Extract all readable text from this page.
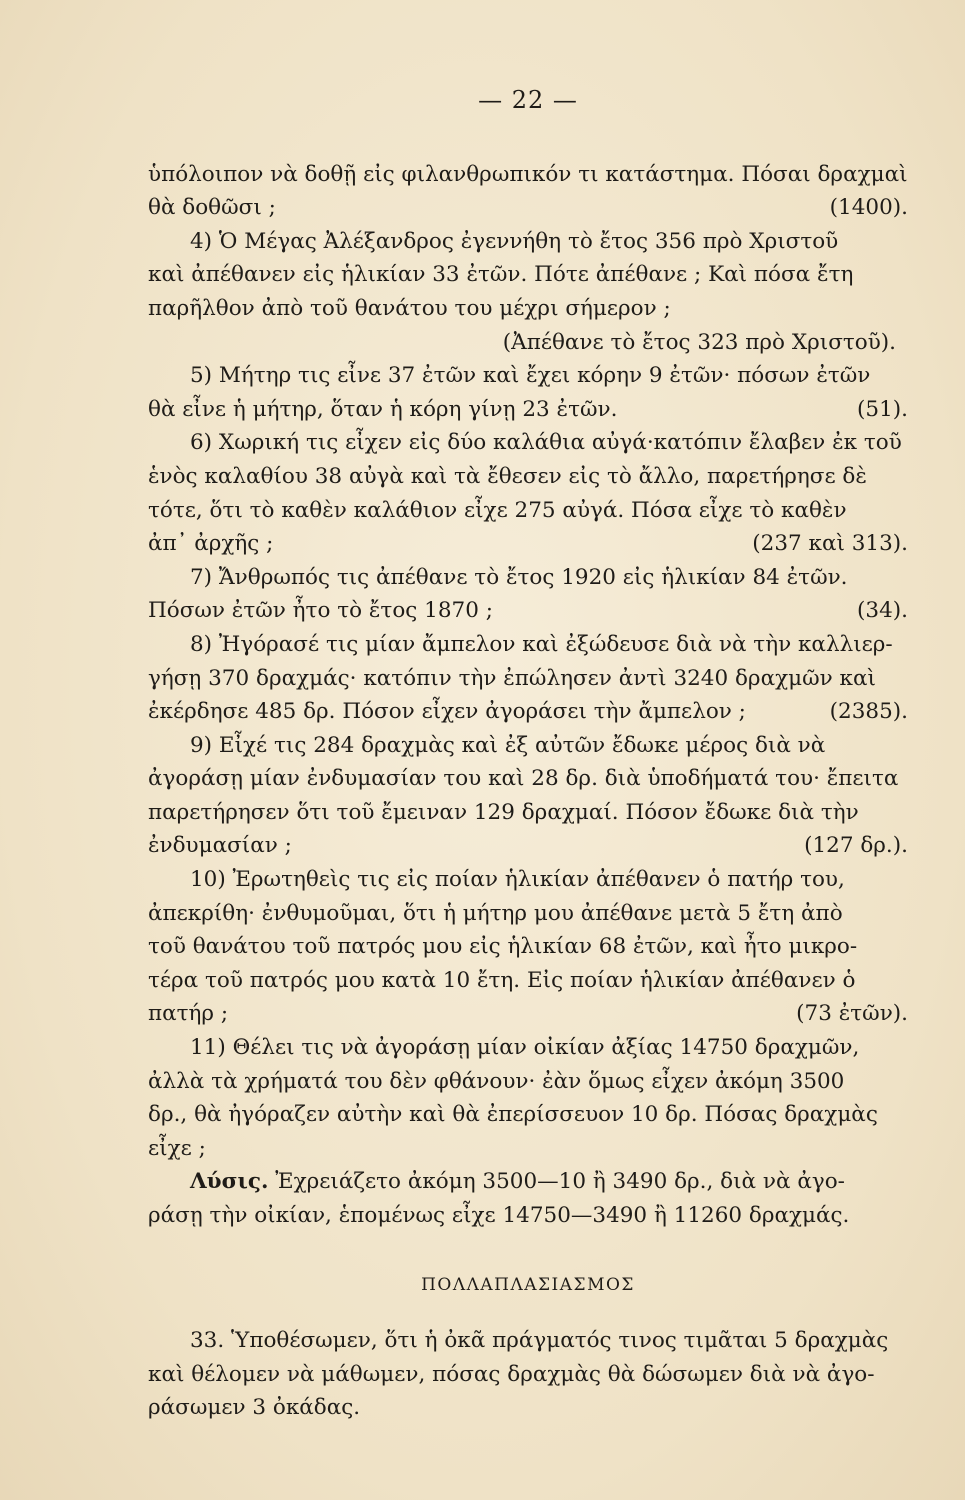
— 22 —
ὑπόλοιπον νὰ δοθῇ εἰς φιλανθρωπικόν τι κατάστημα. Πόσαι δραχμαὶ
θὰ δοθῶσι ;	(1400).
4) Ὁ Μέγας Ἀλέξανδρος ἐγεννήθη τὸ ἔτος 356 πρὸ Χριστοῦ
καὶ ἀπέθανεν εἰς ἡλικίαν 33 ἐτῶν. Πότε ἀπέθανε ; Καὶ πόσα ἔτη
παρῆλθον ἀπὸ τοῦ θανάτου του μέχρι σήμερον ;
(Ἀπέθανε τὸ ἔτος 323 πρὸ Χριστοῦ).
5) Μήτηρ τις εἶνε 37 ἐτῶν καὶ ἔχει κόρην 9 ἐτῶν· πόσων ἐτῶν
θὰ εἶνε ἡ μήτηρ, ὅταν ἡ κόρη γίνῃ 23 ἐτῶν.	(51).
6) Χωρική τις εἶχεν εἰς δύο καλάθια αὐγά·κατόπιν ἔλαβεν ἐκ τοῦ
ἑνὸς καλαθίου 38 αὐγὰ καὶ τὰ ἔθεσεν εἰς τὸ ἄλλο, παρετήρησε δὲ
τότε, ὅτι τὸ καθὲν καλάθιον εἶχε 275 αὐγά. Πόσα εἶχε τὸ καθὲν
ἀπ᾽ ἀρχῆς ;	(237 καὶ 313).
7) Ἄνθρωπός τις ἀπέθανε τὸ ἔτος 1920 εἰς ἡλικίαν 84 ἐτῶν.
Πόσων ἐτῶν ἦτο τὸ ἔτος 1870 ;	(34).
8) Ἠγόρασέ τις μίαν ἄμπελον καὶ ἐξώδευσε διὰ νὰ τὴν καλλιερ-
γήσῃ 370 δραχμάς· κατόπιν τὴν ἐπώλησεν ἀντὶ 3240 δραχμῶν καὶ
ἐκέρδησε 485 δρ. Πόσον εἶχεν ἀγοράσει τὴν ἄμπελον ;	(2385).
9) Εἶχέ τις 284 δραχμὰς καὶ ἐξ αὐτῶν ἔδωκε μέρος διὰ νὰ
ἀγοράσῃ μίαν ἐνδυμασίαν του καὶ 28 δρ. διὰ ὑποδήματά του· ἔπειτα
παρετήρησεν ὅτι τοῦ ἔμειναν 129 δραχμαί. Πόσον ἔδωκε διὰ τὴν
ἐνδυμασίαν ;	(127 δρ.).
10) Ἐρωτηθεὶς τις εἰς ποίαν ἡλικίαν ἀπέθανεν ὁ πατήρ του,
ἀπεκρίθη· ἐνθυμοῦμαι, ὅτι ἡ μήτηρ μου ἀπέθανε μετὰ 5 ἔτη ἀπὸ
τοῦ θανάτου τοῦ πατρός μου εἰς ἡλικίαν 68 ἐτῶν, καὶ ἦτο μικρο-
τέρα τοῦ πατρός μου κατὰ 10 ἔτη. Εἰς ποίαν ἡλικίαν ἀπέθανεν ὁ
πατήρ ;	(73 ἐτῶν).
11) Θέλει τις νὰ ἀγοράσῃ μίαν οἰκίαν ἀξίας 14750 δραχμῶν,
ἀλλὰ τὰ χρήματά του δὲν φθάνουν· ἐὰν ὅμως εἶχεν ἀκόμη 3500
δρ., θὰ ἠγόραζεν αὐτὴν καὶ θὰ ἐπερίσσευον 10 δρ. Πόσας δραχμὰς
εἶχε ;
Λύσις. Ἐχρειάζετο ἀκόμη 3500—10 ἢ 3490 δρ., διὰ νὰ ἀγο-
ράσῃ τὴν οἰκίαν, ἑπομένως εἶχε 14750—3490 ἢ 11260 δραχμάς.
ΠΟΛΛΑΠΛΑΣΙΑΣΜΟΣ
33. Ὑποθέσωμεν, ὅτι ἡ ὀκᾶ πράγματός τινος τιμᾶται 5 δραχμὰς
καὶ θέλομεν νὰ μάθωμεν, πόσας δραχμὰς θὰ δώσωμεν διὰ νὰ ἀγο-
ράσωμεν 3 ὀκάδας.
